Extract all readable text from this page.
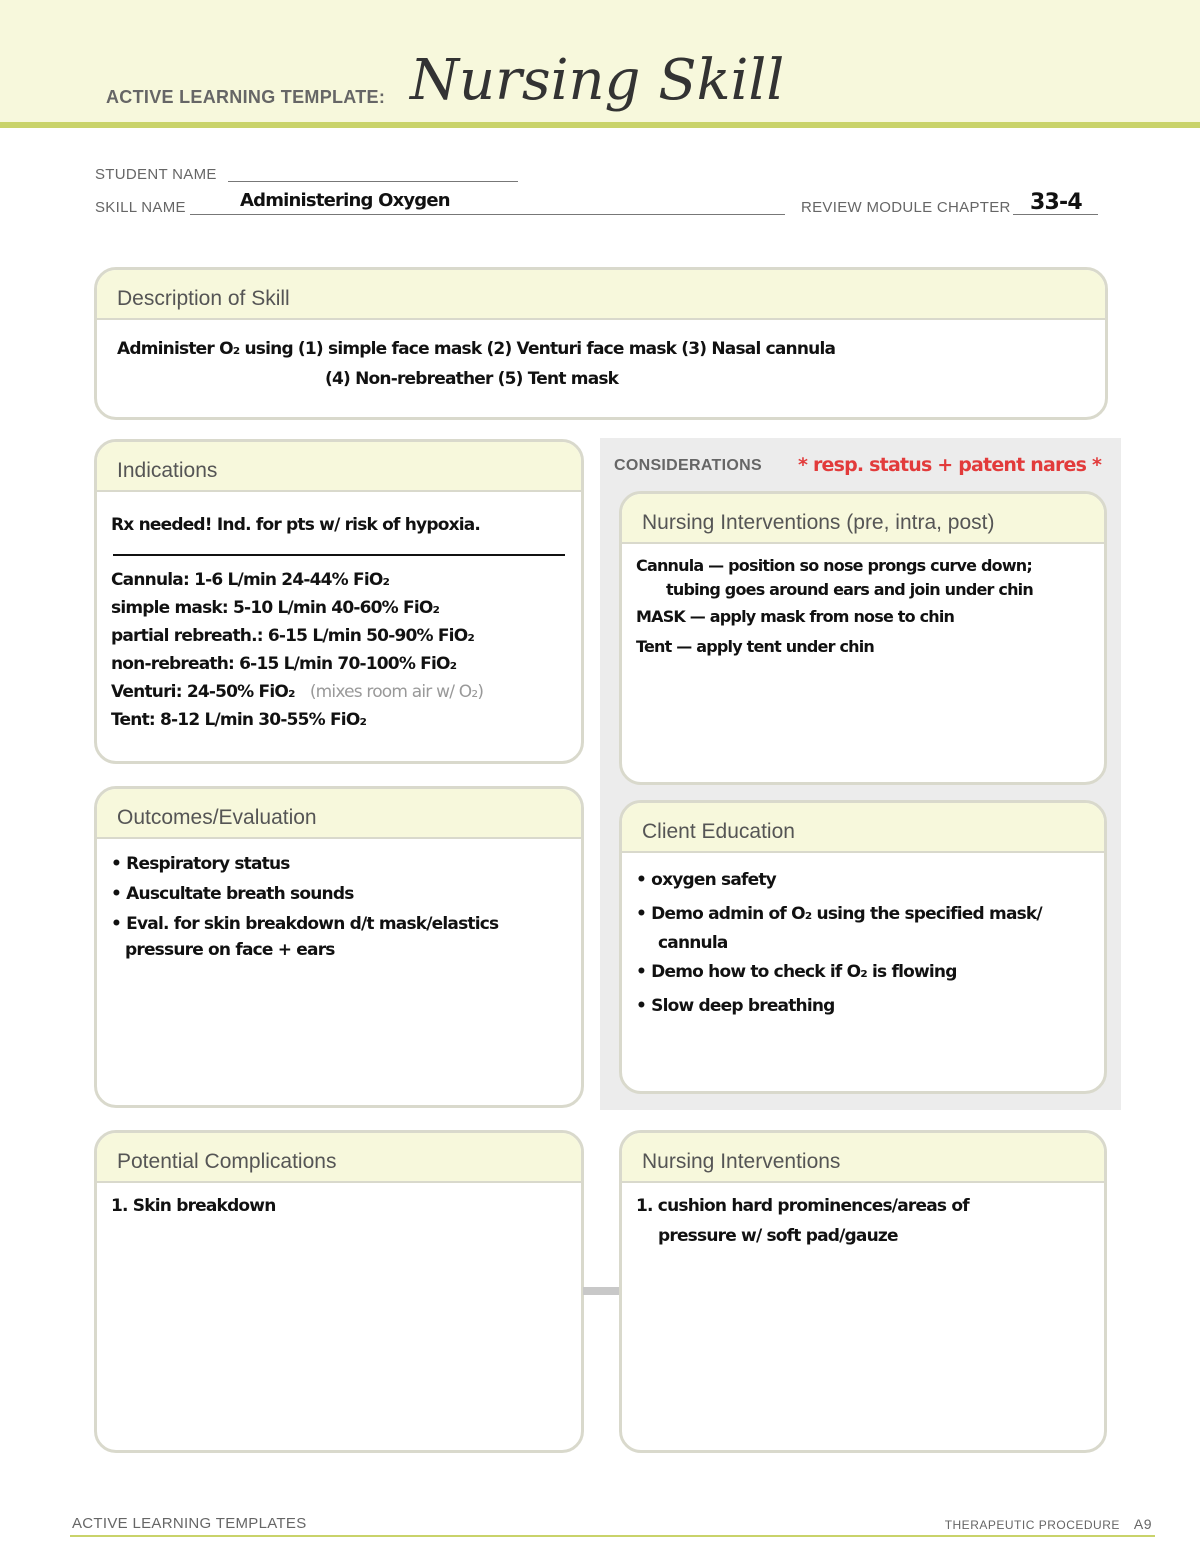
ACTIVE LEARNING TEMPLATE: Nursing Skill
STUDENT NAME
SKILL NAME	Administering Oxygen	REVIEW MODULE CHAPTER 33-4
Description of Skill
Administer O₂ using (1) simple face mask (2) Venturi face mask (3) Nasal cannula
(4) Non-rebreather (5) Tent mask
Indications
Rx needed! Ind. for pts w/ risk of hypoxia.
Cannula: 1-6 L/min 24-44% FiO₂
simple mask: 5-10 L/min 40-60% FiO₂
partial rebreath.: 6-15 L/min 50-90% FiO₂
non-rebreath: 6-15 L/min 70-100% FiO₂
Venturi: 24-50% FiO₂ (mixes room air w/ O₂)
Tent: 8-12 L/min 30-55% FiO₂
CONSIDERATIONS * resp. status + patent nares *
Nursing Interventions (pre, intra, post)
Cannula — position so nose prongs curve down;
tubing goes around ears and join under chin
MASK — apply mask from nose to chin
Tent — apply tent under chin
Outcomes/Evaluation
• Respiratory status
• Auscultate breath sounds
• Eval. for skin breakdown d/t mask/elastics
pressure on face + ears
Client Education
• oxygen safety
• Demo admin of O₂ using the specified mask/
cannula
• Demo how to check if O₂ is flowing
• Slow deep breathing
Potential Complications
1. Skin breakdown
Nursing Interventions
1. cushion hard prominences/areas of
pressure w/ soft pad/gauze
ACTIVE LEARNING TEMPLATES	THERAPEUTIC PROCEDURE A9
